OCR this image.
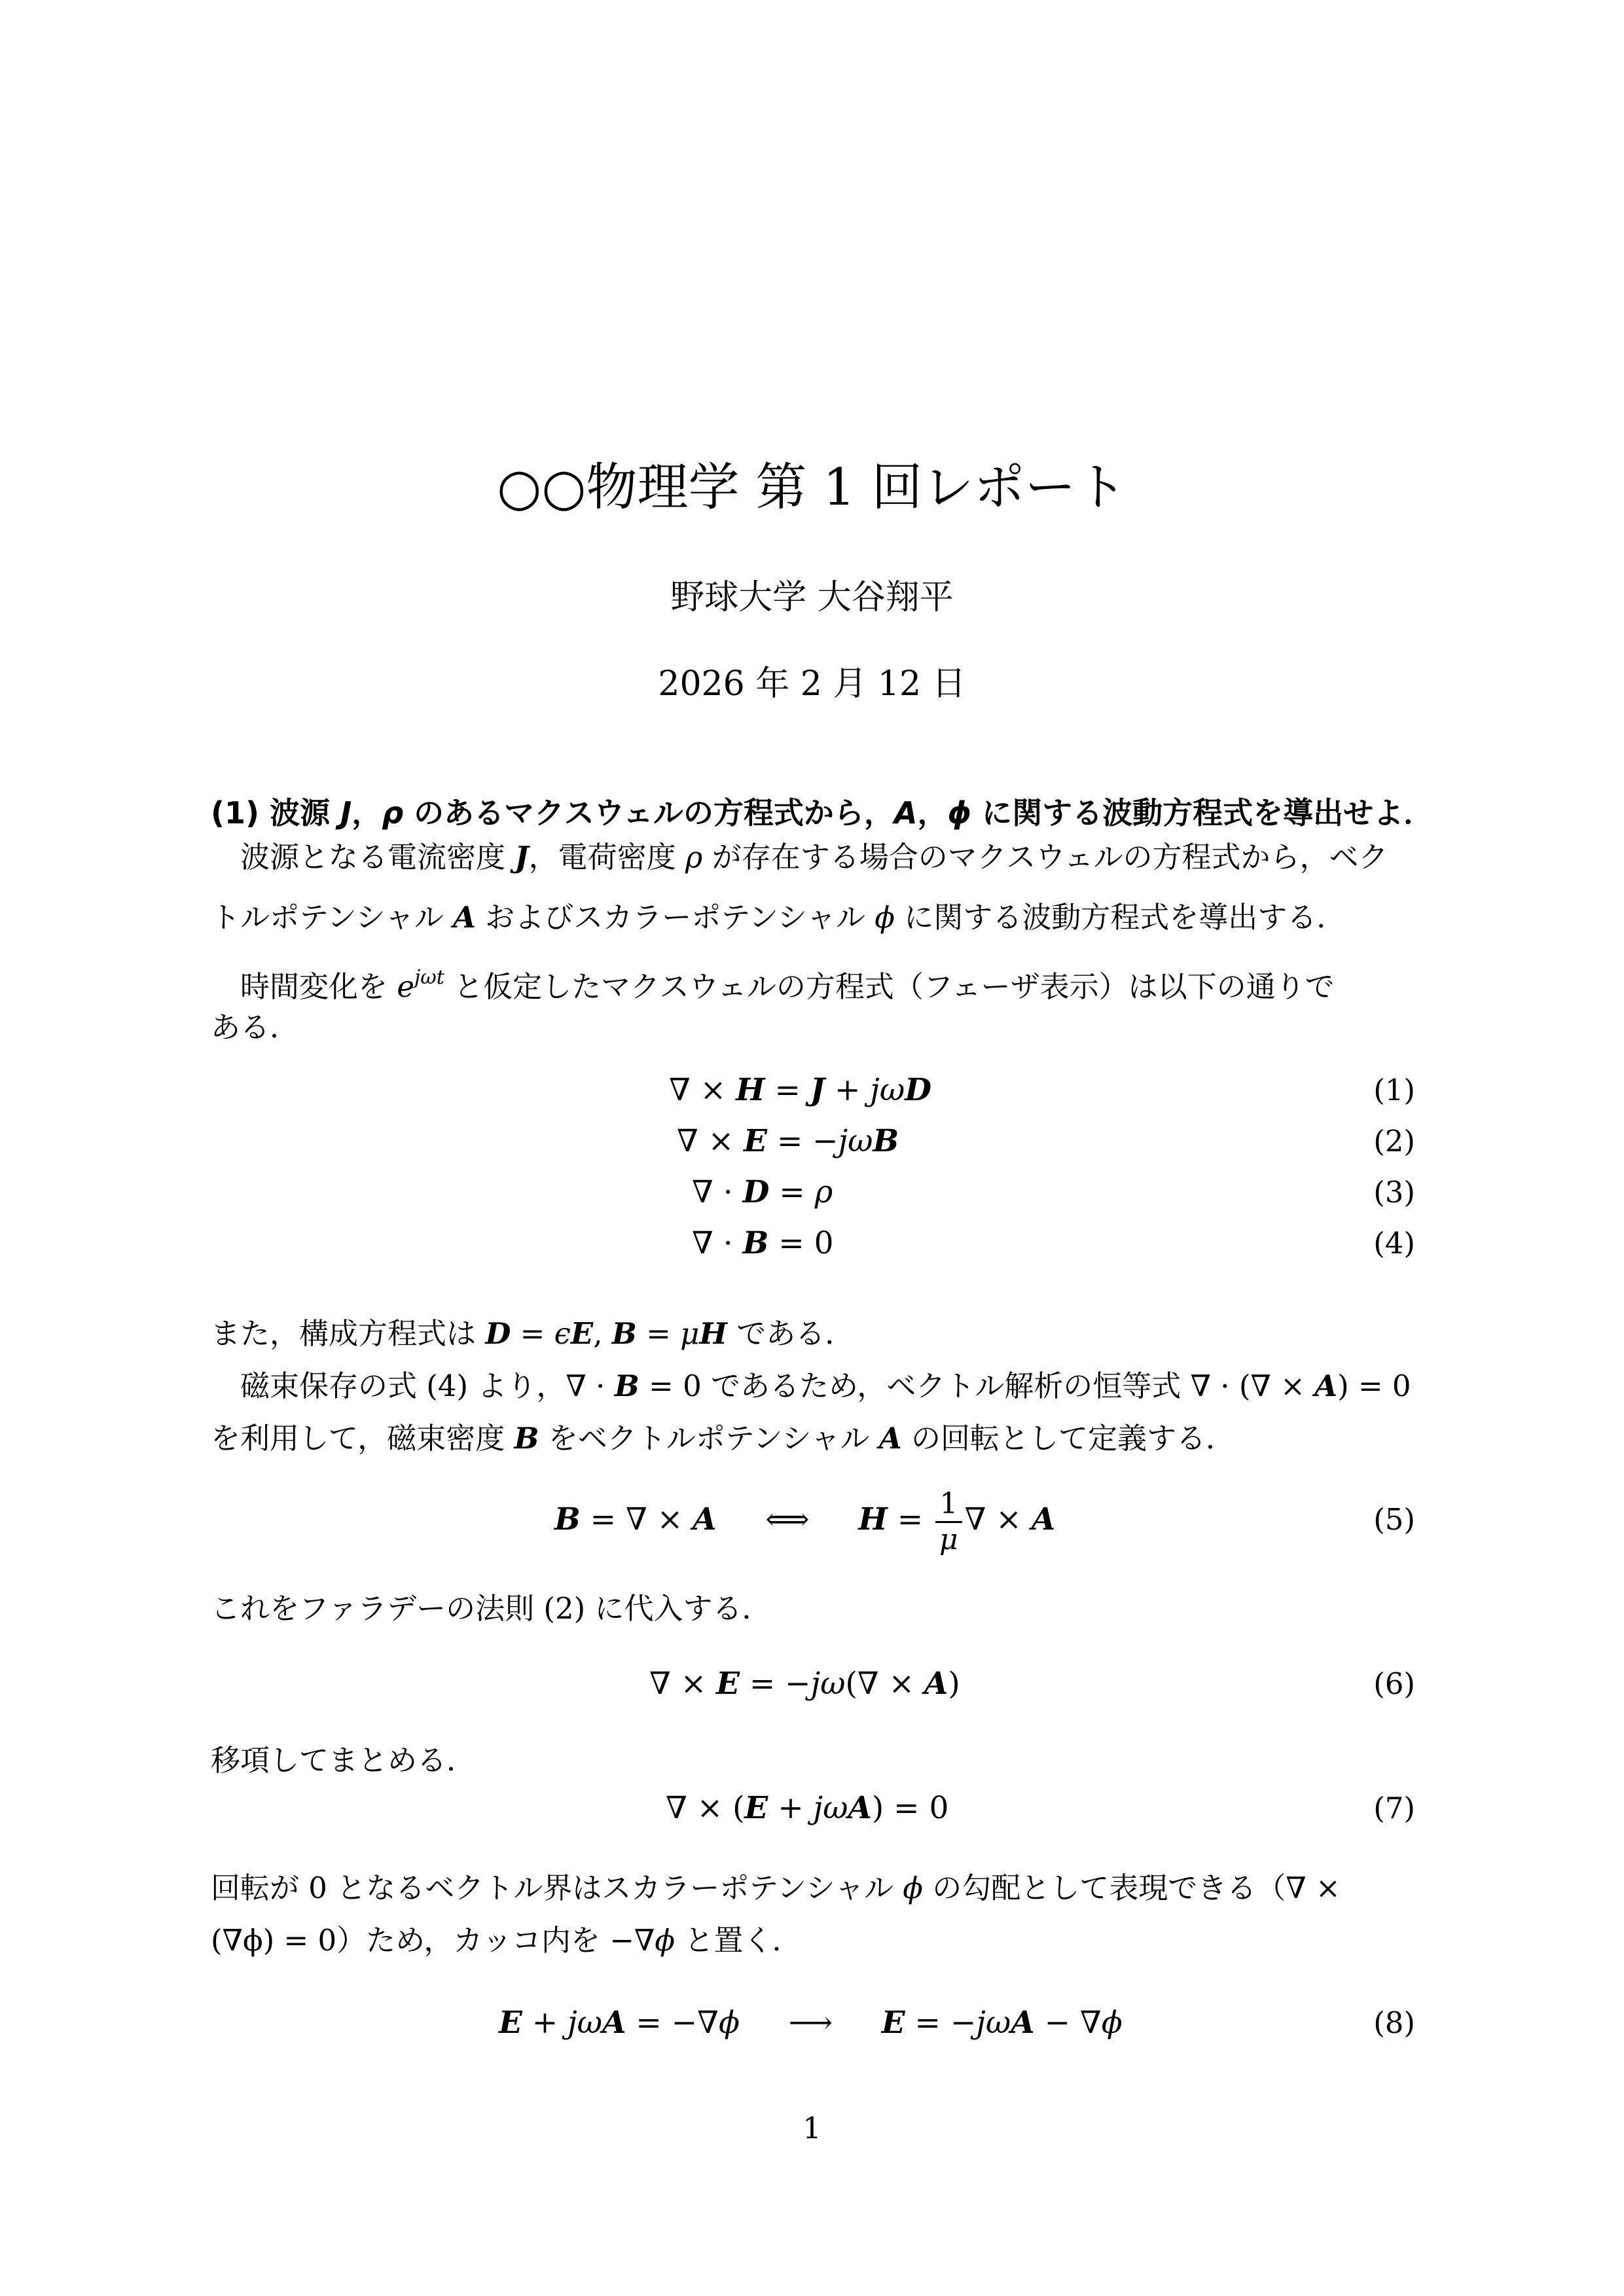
○○物理学 第 1 回レポート
野球大学 大谷翔平
2026 年 2 月 12 日
(1) 波源 J，ρ のあるマクスウェルの方程式から，A，ϕ に関する波動方程式を導出せよ．
波源となる電流密度 J，電荷密度 ρ が存在する場合のマクスウェルの方程式から，ベク
トルポテンシャル A およびスカラーポテンシャル ϕ に関する波動方程式を導出する．
時間変化を $e^{j\omega t}$ と仮定したマクスウェルの方程式（フェーザ表示）は以下の通りで
ある．
∇ × H = J + jωD	(1)
∇ × E = −jωB	(2)
∇ · D = ρ	(3)
∇ · B = 0	(4)
また，構成方程式は D = ϵE, B = μH である．
磁束保存の式 (4) より，∇ · B = 0 であるため，ベクトル解析の恒等式 ∇ · (∇ × A) = 0
を利用して，磁束密度 B をベクトルポテンシャル A の回転として定義する．
B = ∇ × A     ⟺     $H = \frac{1}{\mu}$ ∇ × A	(5)
これをファラデーの法則 (2) に代入する．
∇ × E = −jω(∇ × A)	(6)
移項してまとめる．
∇ × (E + jωA) = 0	(7)
回転が 0 となるベクトル界はスカラーポテンシャル ϕ の勾配として表現できる（∇ ×
(∇ϕ) = 0）ため，カッコ内を −∇ϕ と置く．
E + jωA = −∇ϕ     ⟶     E = −jωA − ∇ϕ	(8)
1
